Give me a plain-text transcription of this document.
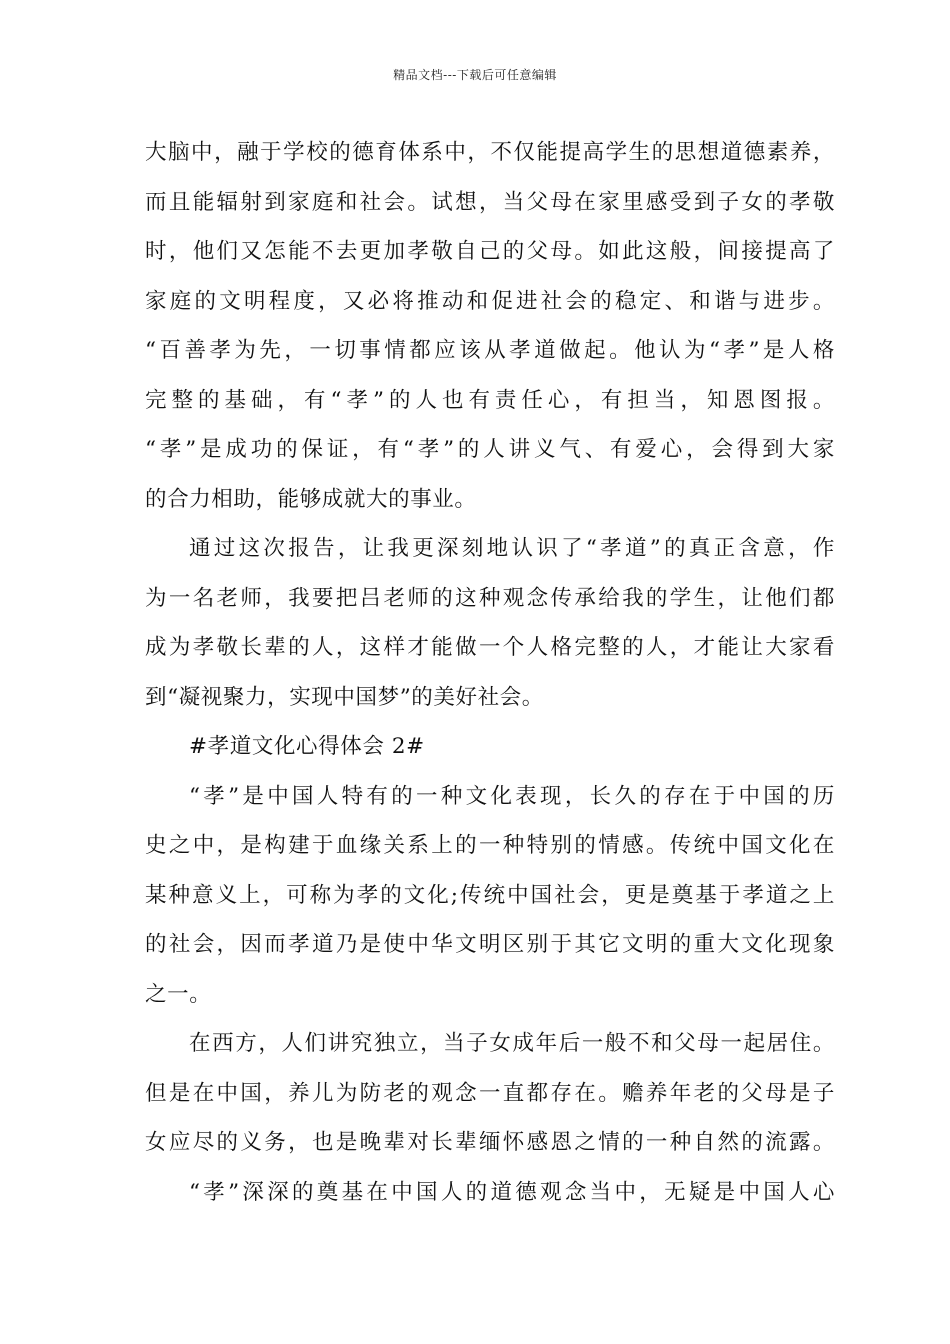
精品文档---下载后可任意编辑
大脑中，融于学校的德育体系中，不仅能提高学生的思想道德素养，
而且能辐射到家庭和社会。试想，当父母在家里感受到子女的孝敬
时，他们又怎能不去更加孝敬自己的父母。如此这般，间接提高了
家庭的文明程度，又必将推动和促进社会的稳定、和谐与进步。
“百善孝为先，一切事情都应该从孝道做起。他认为“孝”是人格
完整的基础，有“孝”的人也有责任心，有担当，知恩图报。
“孝”是成功的保证，有“孝”的人讲义气、有爱心，会得到大家
的合力相助，能够成就大的事业。
通过这次报告，让我更深刻地认识了“孝道”的真正含意，作
为一名老师，我要把吕老师的这种观念传承给我的学生，让他们都
成为孝敬长辈的人，这样才能做一个人格完整的人，才能让大家看
到“凝视聚力，实现中国梦”的美好社会。
#孝道文化心得体会 2#
“孝”是中国人特有的一种文化表现，长久的存在于中国的历
史之中，是构建于血缘关系上的一种特别的情感。传统中国文化在
某种意义上，可称为孝的文化;传统中国社会，更是奠基于孝道之上
的社会，因而孝道乃是使中华文明区别于其它文明的重大文化现象
之一。
在西方，人们讲究独立，当子女成年后一般不和父母一起居住。
但是在中国，养儿为防老的观念一直都存在。赡养年老的父母是子
女应尽的义务，也是晚辈对长辈缅怀感恩之情的一种自然的流露。
“孝”深深的奠基在中国人的道德观念当中，无疑是中国人心
